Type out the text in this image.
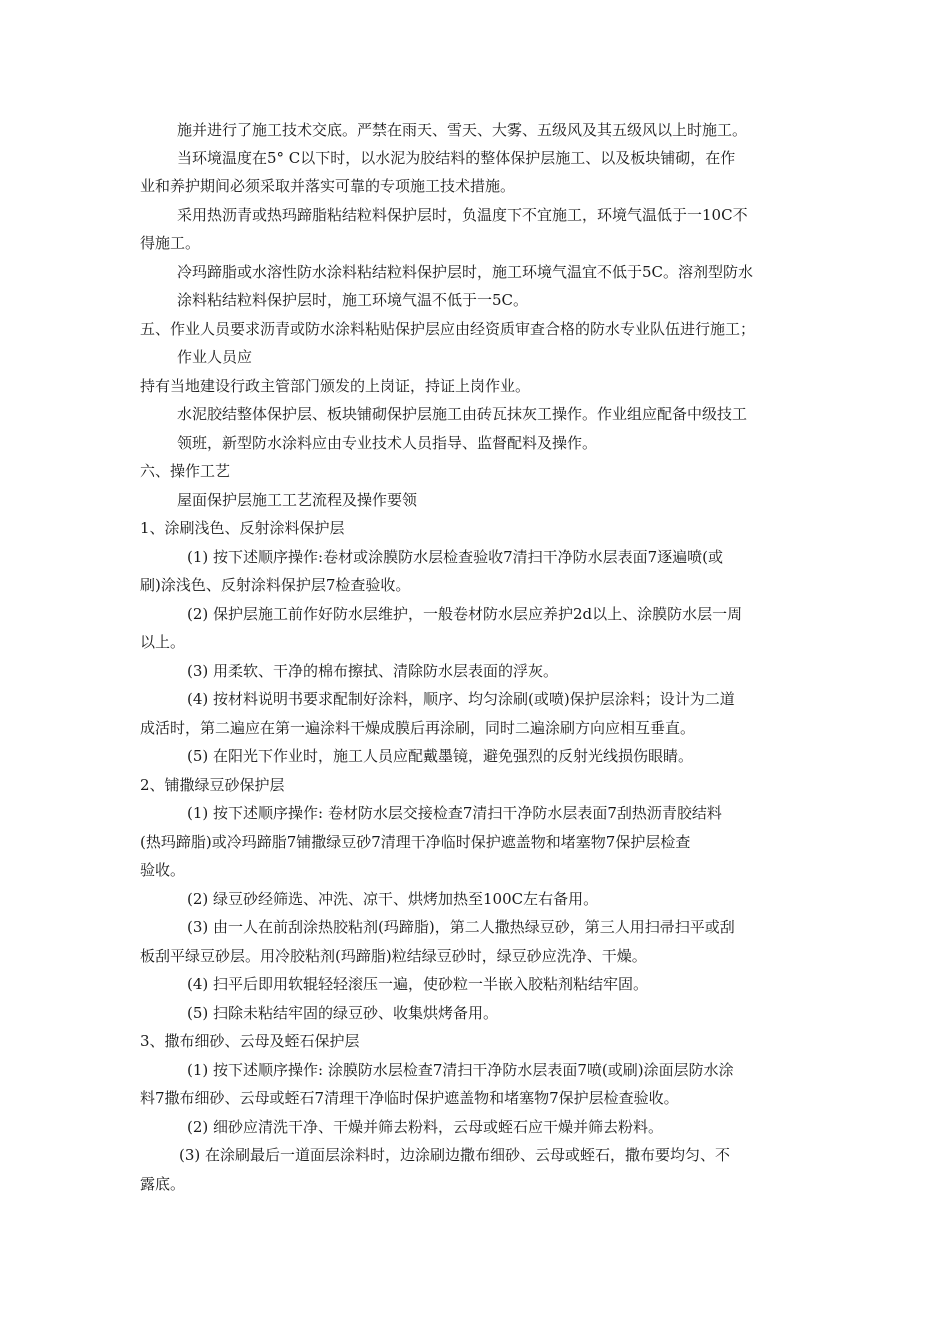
施并进行了施工技术交底。严禁在雨天、雪天、大雾、五级风及其五级风以上时施工。
当环境温度在5° C以下时，以水泥为胶结料的整体保护层施工、以及板块铺砌，在作
业和养护期间必须采取并落实可靠的专项施工技术措施。
采用热沥青或热玛蹄脂粘结粒料保护层时，负温度下不宜施工，环境气温低于一10C不
得施工。
冷玛蹄脂或水溶性防水涂料粘结粒料保护层时，施工环境气温宜不低于5C。溶剂型防水
涂料粘结粒料保护层时，施工环境气温不低于一5C。
五、作业人员要求沥青或防水涂料粘贴保护层应由经资质审查合格的防水专业队伍进行施工；
作业人员应
持有当地建设行政主管部门颁发的上岗证，持证上岗作业。
水泥胶结整体保护层、板块铺砌保护层施工由砖瓦抹灰工操作。作业组应配备中级技工
领班，新型防水涂料应由专业技术人员指导、监督配料及操作。
六、操作工艺
屋面保护层施工工艺流程及操作要领
1、涂刷浅色、反射涂料保护层
(1) 按下述顺序操作:卷材或涂膜防水层检查验收7清扫干净防水层表面7逐遍喷(或
刷)涂浅色、反射涂料保护层7检查验收。
(2) 保护层施工前作好防水层维护，一般卷材防水层应养护2d以上、涂膜防水层一周
以上。
(3) 用柔软、干净的棉布擦拭、清除防水层表面的浮灰。
(4) 按材料说明书要求配制好涂料，顺序、均匀涂刷(或喷)保护层涂料；设计为二道
成活时，第二遍应在第一遍涂料干燥成膜后再涂刷，同时二遍涂刷方向应相互垂直。
(5) 在阳光下作业时，施工人员应配戴墨镜，避免强烈的反射光线损伤眼睛。
2、铺撒绿豆砂保护层
(1) 按下述顺序操作: 卷材防水层交接检查7清扫干净防水层表面7刮热沥青胶结料
(热玛蹄脂)或冷玛蹄脂7铺撒绿豆砂7清理干净临时保护遮盖物和堵塞物7保护层检查
验收。
(2) 绿豆砂经筛选、冲洗、凉干、烘烤加热至100C左右备用。
(3) 由一人在前刮涂热胶粘剂(玛蹄脂)，第二人撒热绿豆砂，第三人用扫帚扫平或刮
板刮平绿豆砂层。用冷胶粘剂(玛蹄脂)粒结绿豆砂时，绿豆砂应洗净、干燥。
(4) 扫平后即用软辊轻轻滚压一遍，使砂粒一半嵌入胶粘剂粘结牢固。
(5) 扫除未粘结牢固的绿豆砂、收集烘烤备用。
3、撒布细砂、云母及蛭石保护层
(1) 按下述顺序操作: 涂膜防水层检查7清扫干净防水层表面7喷(或刷)涂面层防水涂
料7撒布细砂、云母或蛭石7清理干净临时保护遮盖物和堵塞物7保护层检查验收。
(2) 细砂应清洗干净、干燥并筛去粉料，云母或蛭石应干燥并筛去粉料。
(3) 在涂刷最后一道面层涂料时，边涂刷边撒布细砂、云母或蛭石，撒布要均匀、不
露底。
